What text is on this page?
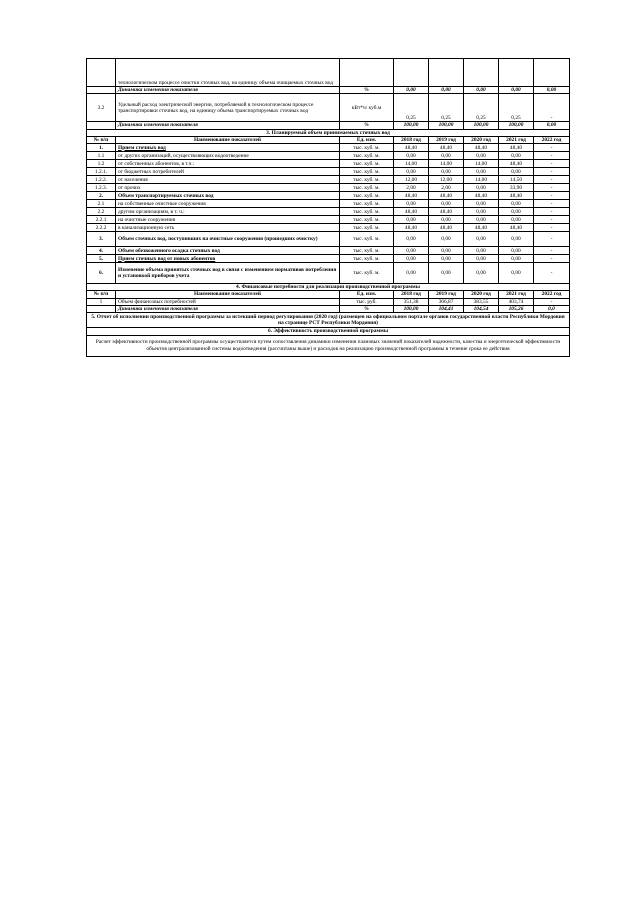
	технологическом процессе очистки сточных вод, на единицу объема очищаемых сточных вод						
	Динамика изменения показателя	%	0,00	0,00	0,00	0,00	0,00
3.2	Удельный расход электрической энергии, потребляемой в технологическом процессе транспортировки сточных вод, на единицу объема транспортируемых сточных вод	кВт*ч/ куб.м	0,25	0,25	0,25	0,25	-
	Динамика изменения показателя	%	100,00	100,00	100,00	100,00	0,00
3. Планируемый объем принимаемых сточных вод							
№ п/п	Наименование показателей	Ед. изм.	2018 год	2019 год	2020 год	2021 год	2022 год
1.	Прием сточных вод	тыс. куб. м.	48,40	48,40	48,40	48,40	-
1.1	от других организаций, осуществляющих водоотведение	тыс. куб. м.	0,00	0,00	0,00	0,00	-
1.2	от собственных абонентов, в т.ч.:	тыс. куб. м.	14,00	14,00	14,00	48,40	-
1.2.1.	от бюджетных потребителей	тыс. куб. м.	0,00	0,00	0,00	0,00	-
1.2.2.	от населения	тыс. куб. м.	12,00	12,00	14,00	14,50	-
1.2.3.	от прочих	тыс. куб. м.	2,00	2,00	0,00	33,90	-
2.	Объем транспортируемых сточных вод	тыс. куб. м.	48,40	48,40	48,40	48,40	-
2.1	на собственные очистные сооружения	тыс. куб. м.	0,00	0,00	0,00	0,00	-
2.2	другим организациям, в т. ч.:	тыс. куб. м.	48,40	48,40	0,00	0,00	-
2.2.1	на очистные сооружения	тыс. куб. м.	0,00	0,00	0,00	0,00	-
2.2.2	в канализационную сеть	тыс. куб. м.	48,40	48,40	48,40	48,40	-
3.	Объем сточных вод, поступивших на очистные сооружения (прошедших очистку)	тыс. куб. м.	0,00	0,00	0,00	0,00	-
4.	Объем обезвоженного осадка сточных вод	тыс. куб. м.	0,00	0,00	0,00	0,00	-
5.	Прием сточных вод от новых абонентов	тыс. куб. м.	0,00	0,00	0,00	0,00	-
6.	Изменение объема принятых сточных вод в связи с изменением нормативов потребления и установкой приборов учета	тыс. куб. м.	0,00	0,00	0,00	0,00	-
4. Финансовые потребности для реализации производственной программы							
№ п/п	Наименование показателей	Ед. изм.	2018 год	2019 год	2020 год	2021 год	2022 год
1	Объем финансовых потребностей	тыс. руб.	351,38	366,87	383,55	403,74	-
	Динамика изменения показателя	%	100,00	104,41	104,54	105,26	0,0
5. Отчет об исполнении производственной программы за истекший период регулирования (2020 год) (размещен на официальном портале органов государственной власти Республики Мордовия на странице РСТ Республики Мордовия)							
6. Эффективность производственной программы							
Расчет эффективности производственной программы осуществляется путем сопоставления динамики изменения плановых значений показателей надежности, качества и энергетической эффективности объектов централизованной системы водоотведения (рассчитаны выше) и расходов на реализацию производственной программы в течение срока ее действия							
